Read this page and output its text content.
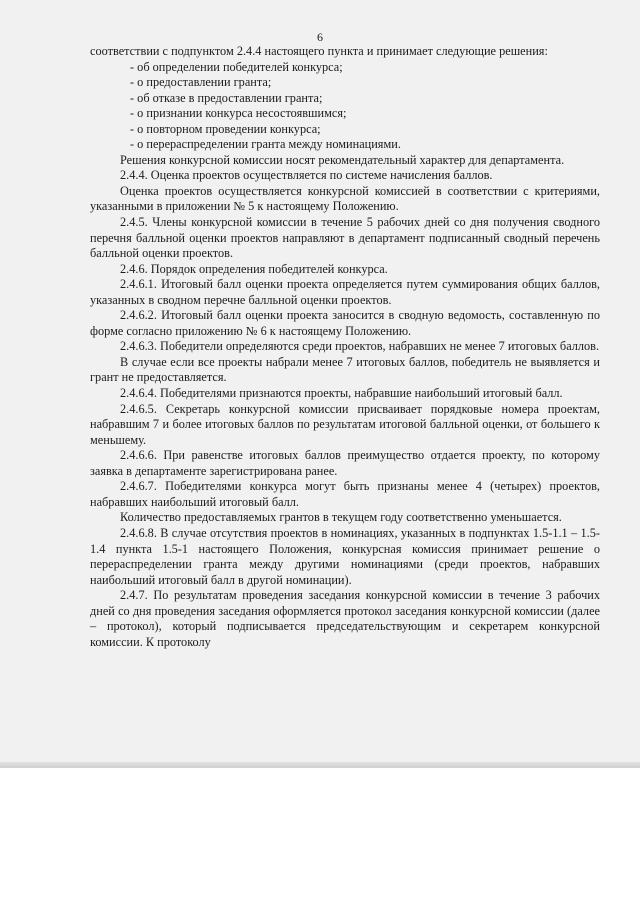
6

соответствии с подпунктом 2.4.4 настоящего пункта и принимает следующие решения:

- об определении победителей конкурса;

- о предоставлении гранта;

- об отказе в предоставлении гранта;

- о признании конкурса несостоявшимся;

- о повторном проведении конкурса;

- о перераспределении гранта между номинациями.

Решения конкурсной комиссии носят рекомендательный характер для департамента.

2.4.4. Оценка проектов осуществляется по системе начисления баллов.

Оценка проектов осуществляется конкурсной комиссией в соответствии с критериями, указанными в приложении № 5 к настоящему Положению.

2.4.5. Члены конкурсной комиссии в течение 5 рабочих дней со дня получения сводного перечня балльной оценки проектов направляют в департамент подписанный сводный перечень балльной оценки проектов.

2.4.6. Порядок определения победителей конкурса.

2.4.6.1. Итоговый балл оценки проекта определяется путем суммирования общих баллов, указанных в сводном перечне балльной оценки проектов.

2.4.6.2. Итоговый балл оценки проекта заносится в сводную ведомость, составленную по форме согласно приложению № 6 к настоящему Положению.

2.4.6.3. Победители определяются среди проектов, набравших не менее 7 итоговых баллов.

В случае если все проекты набрали менее 7 итоговых баллов, победитель не выявляется и грант не предоставляется.

2.4.6.4. Победителями признаются проекты, набравшие наибольший итоговый балл.

2.4.6.5. Секретарь конкурсной комиссии присваивает порядковые номера проектам, набравшим 7 и более итоговых баллов по результатам итоговой балльной оценки, от большего к меньшему.

2.4.6.6. При равенстве итоговых баллов преимущество отдается проекту, по которому заявка в департаменте зарегистрирована ранее.

2.4.6.7. Победителями конкурса могут быть признаны менее 4 (четырех) проектов, набравших наибольший итоговый балл.

Количество предоставляемых грантов в текущем году соответственно уменьшается.

2.4.6.8. В случае отсутствия проектов в номинациях, указанных в подпунктах 1.5-1.1 – 1.5-1.4 пункта 1.5-1 настоящего Положения, конкурсная комиссия принимает решение о перераспределении гранта между другими номинациями (среди проектов, набравших наибольший итоговый балл в другой номинации).

2.4.7. По результатам проведения заседания конкурсной комиссии в течение 3 рабочих дней со дня проведения заседания оформляется протокол заседания конкурсной комиссии (далее – протокол), который подписывается председательствующим и секретарем конкурсной комиссии. К протоколу
